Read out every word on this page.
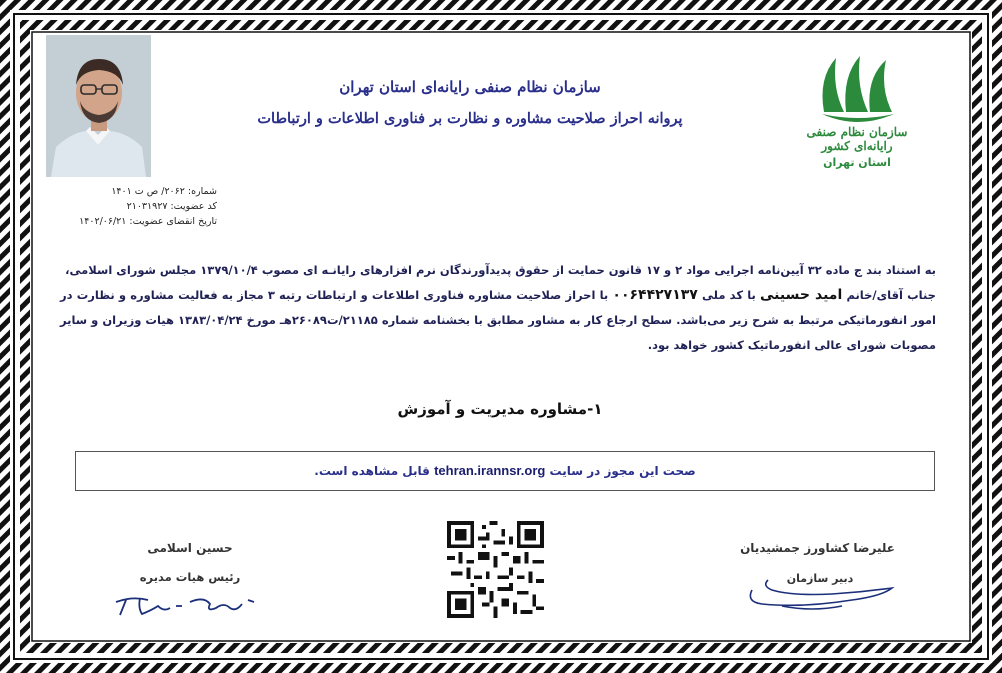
شماره: ۲۰۶۲/ ص ت ۱۴۰۱
کد عضویت: ۲۱۰۳۱۹۲۷
تاریخ انقضای عضویت: ۱۴۰۲/۰۶/۲۱
سازمان نظام صنفی رایانه‌ای استان تهران
پروانه احراز صلاحیت مشاوره و نظارت بر فناوری اطلاعات و ارتباطات
سازمان نظام صنفی رایانه‌ای کشور
استان تهران
به استناد بند ج ماده ۳۲ آیین‌نامه اجرایی مواد ۲ و ۱۷ قانون حمایت از حقوق پدیدآورندگان نرم افزارهای رایانـه ای مصوب ۱۳۷۹/۱۰/۴ مجلس شورای اسلامی،
جناب آقای/خانم امید حسینی با کد ملی ۰۰۶۴۴۲۷۱۳۷ با احراز صلاحیت مشاوره فناوری اطلاعات و ارتباطات رتبه ۳ مجاز به فعالیت مشاوره و نظارت در امور انفورماتیکی مرتبط به شرح زیر می‌باشد. سطح ارجاع کار به مشاور مطابق با بخشنامه شماره ۲۱۱۸۵/ت۲۶۰۸۹هـ مورخ ۱۳۸۳/۰۴/۲۴ هیات وزیران و سایر مصوبات شورای عالی انفورماتیک کشور خواهد بود.
۱-مشاوره مدیریت و آموزش
صحت این مجوز در سایت tehran.irannsr.org قابل مشاهده است.
حسین اسلامی
رئیس هیات مدیره
علیرضا کشاورز جمشیدیان
دبیر سازمان
